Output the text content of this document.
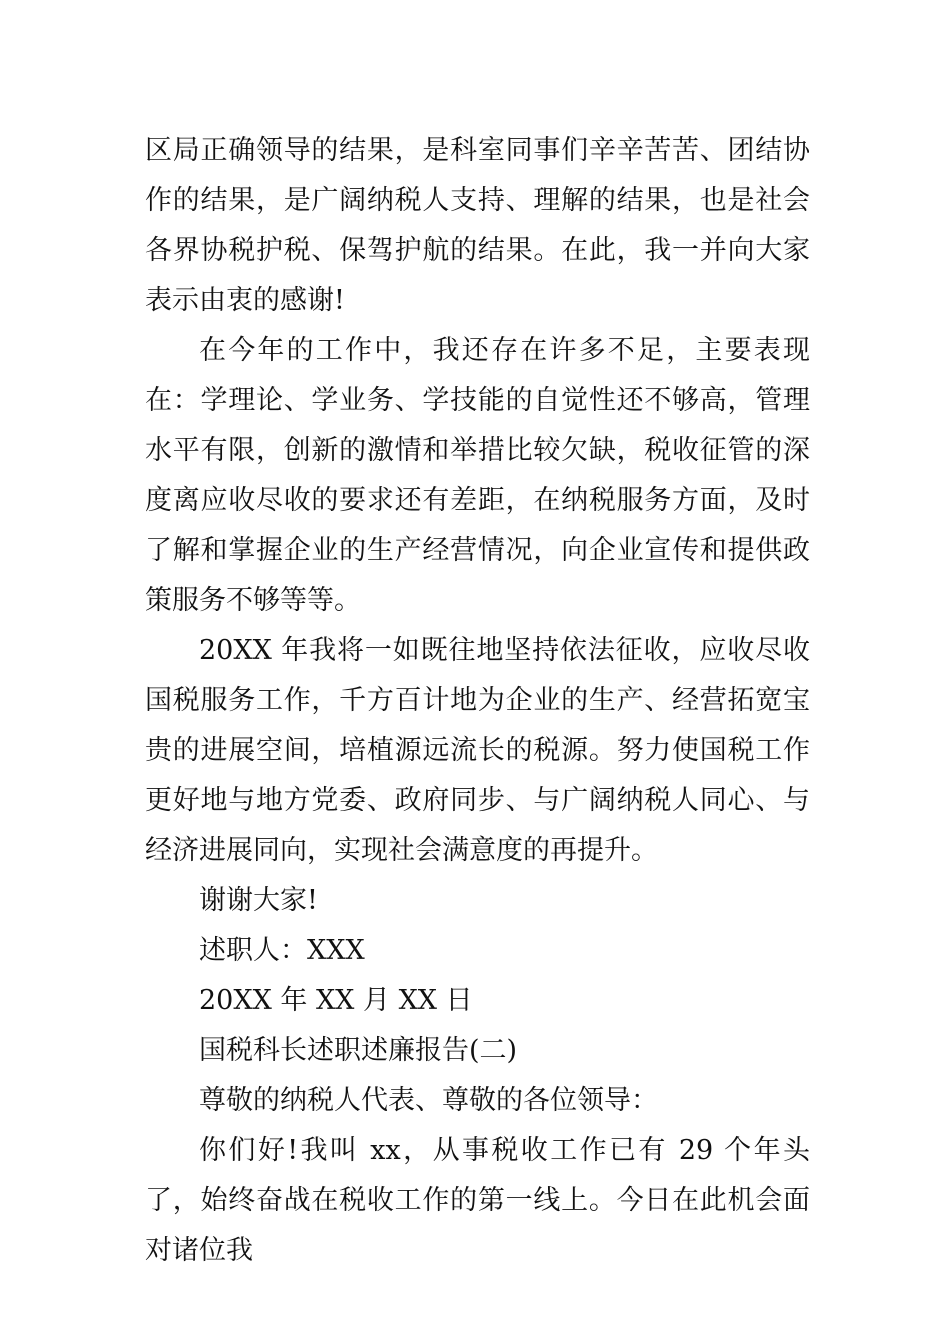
区局正确领导的结果，是科室同事们辛辛苦苦、团结协作的结果，是广阔纳税人支持、理解的结果，也是社会各界协税护税、保驾护航的结果。在此，我一并向大家表示由衷的感谢!

在今年的工作中，我还存在许多不足，主要表现在：学理论、学业务、学技能的自觉性还不够高，管理水平有限，创新的激情和举措比较欠缺，税收征管的深度离应收尽收的要求还有差距，在纳税服务方面，及时了解和掌握企业的生产经营情况，向企业宣传和提供政策服务不够等等。

20XX 年我将一如既往地坚持依法征收，应收尽收国税服务工作，千方百计地为企业的生产、经营拓宽宝贵的进展空间，培植源远流长的税源。努力使国税工作更好地与地方党委、政府同步、与广阔纳税人同心、与经济进展同向，实现社会满意度的再提升。

谢谢大家!

述职人：XXX

20XX 年 XX 月 XX 日

国税科长述职述廉报告(二)

尊敬的纳税人代表、尊敬的各位领导：

你们好!我叫 xx，从事税收工作已有 29 个年头了，始终奋战在税收工作的第一线上。今日在此机会面对诸位我
